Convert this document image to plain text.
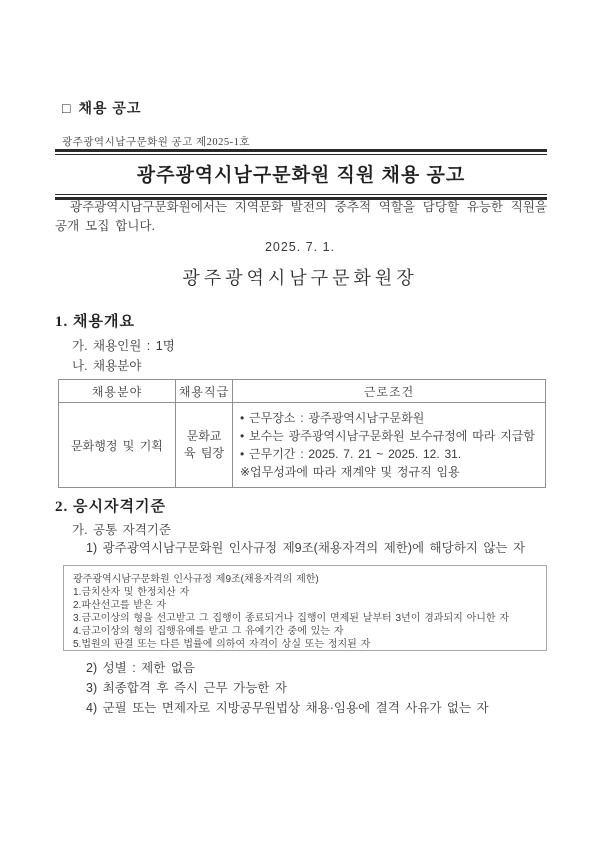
□ 채용 공고
광주광역시남구문화원 공고 제2025-1호
광주광역시남구문화원 직원 채용 공고
광주광역시남구문화원에서는 지역문화 발전의 중추적 역할을 담당할 유능한 직원을 공개 모집 합니다.
2025. 7. 1.
광주광역시남구문화원장
1. 채용개요
가. 채용인원 : 1명
나. 채용분야
채용분야	채용직급	근로조건
문화행정 및 기획	문화교육 팀장	• 근무장소 : 광주광역시남구문화원
• 보수는 광주광역시남구문화원 보수규정에 따라 지급함
• 근무기간 : 2025. 7. 21 ~ 2025. 12. 31.
※업무성과에 따라 재계약 및 정규직 임용
2. 응시자격기준
가. 공통 자격기준
1) 광주광역시남구문화원 인사규정 제9조(채용자격의 제한)에 해당하지 않는 자
광주광역시남구문화원 인사규정 제9조(채용자격의 제한)
1.금치산자 및 한정치산 자
2.파산선고를 받은 자
3.금고이상의 형을 선고받고 그 집행이 종료되거나 집행이 면제된 날부터 3년이 경과되지 아니한 자
4.금고이상의 형의 집행유예를 받고 그 유예기간 중에 있는 자
5.법원의 판결 또는 다른 법률에 의하여 자격이 상실 또는 정지된 자
2) 성별 : 제한 없음
3) 최종합격 후 즉시 근무 가능한 자
4) 군필 또는 면제자로 지방공무원법상 채용·임용에 결격 사유가 없는 자
